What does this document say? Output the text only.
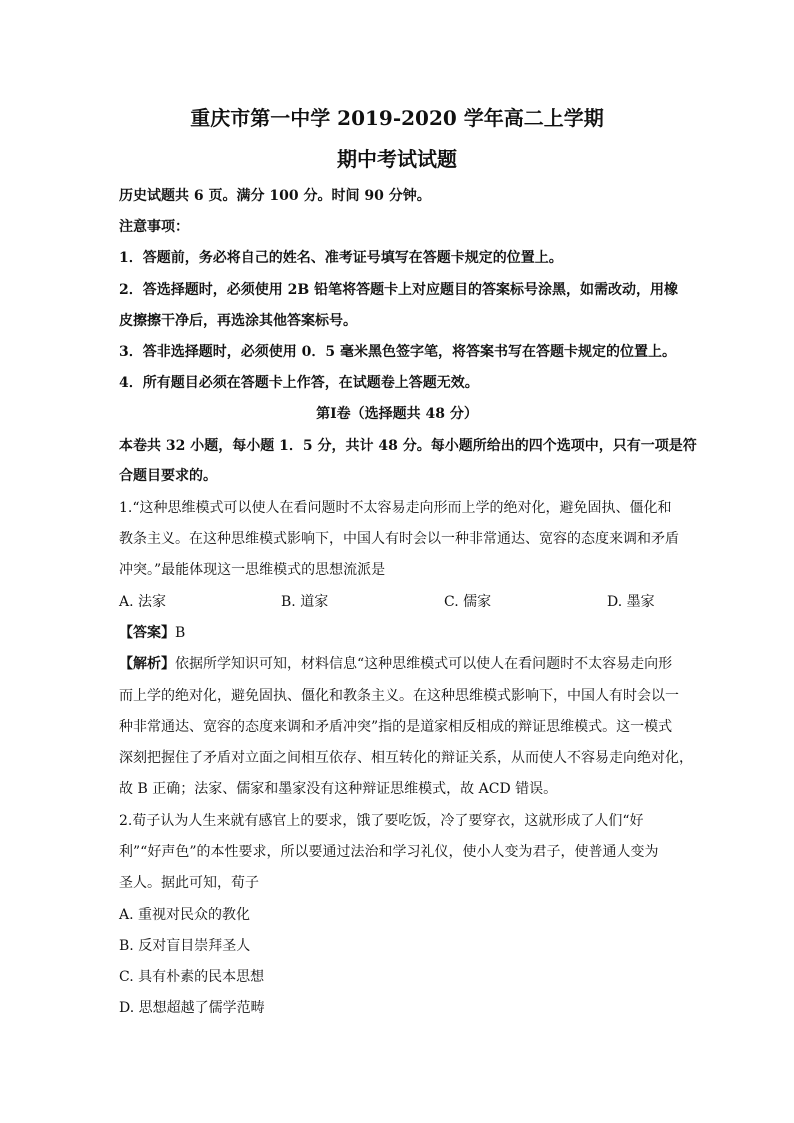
重庆市第一中学 2019-2020 学年高二上学期
期中考试试题
历史试题共 6 页。满分 100 分。时间 90 分钟。
注意事项：
1．答题前，务必将自己的姓名、准考证号填写在答题卡规定的位置上。
2．答选择题时，必须使用 2B 铅笔将答题卡上对应题目的答案标号涂黑，如需改动，用橡
皮擦擦干净后，再选涂其他答案标号。
3．答非选择题时，必须使用 0．5 毫米黑色签字笔，将答案书写在答题卡规定的位置上。
4．所有题目必须在答题卡上作答，在试题卷上答题无效。
第Ⅰ卷（选择题共 48 分）
本卷共 32 小题，每小题 1．5 分，共计 48 分。每小题所给出的四个选项中，只有一项是符
合题目要求的。
1.“这种思维模式可以使人在看问题时不太容易走向形而上学的绝对化，避免固执、僵化和
教条主义。在这种思维模式影响下，中国人有时会以一种非常通达、宽容的态度来调和矛盾
冲突。”最能体现这一思维模式的思想流派是
A. 法家	B. 道家	C. 儒家	D. 墨家
【答案】B
【解析】依据所学知识可知，材料信息“这种思维模式可以使人在看问题时不太容易走向形
而上学的绝对化，避免固执、僵化和教条主义。在这种思维模式影响下，中国人有时会以一
种非常通达、宽容的态度来调和矛盾冲突”指的是道家相反相成的辩证思维模式。这一模式
深刻把握住了矛盾对立面之间相互依存、相互转化的辩证关系，从而使人不容易走向绝对化，
故 B 正确；法家、儒家和墨家没有这种辩证思维模式，故 ACD 错误。
2.荀子认为人生来就有感官上的要求，饿了要吃饭，冷了要穿衣，这就形成了人们“好
利”“好声色”的本性要求，所以要通过法治和学习礼仪，使小人变为君子，使普通人变为
圣人。据此可知，荀子
A. 重视对民众的教化
B. 反对盲目崇拜圣人
C. 具有朴素的民本思想
D. 思想超越了儒学范畴
